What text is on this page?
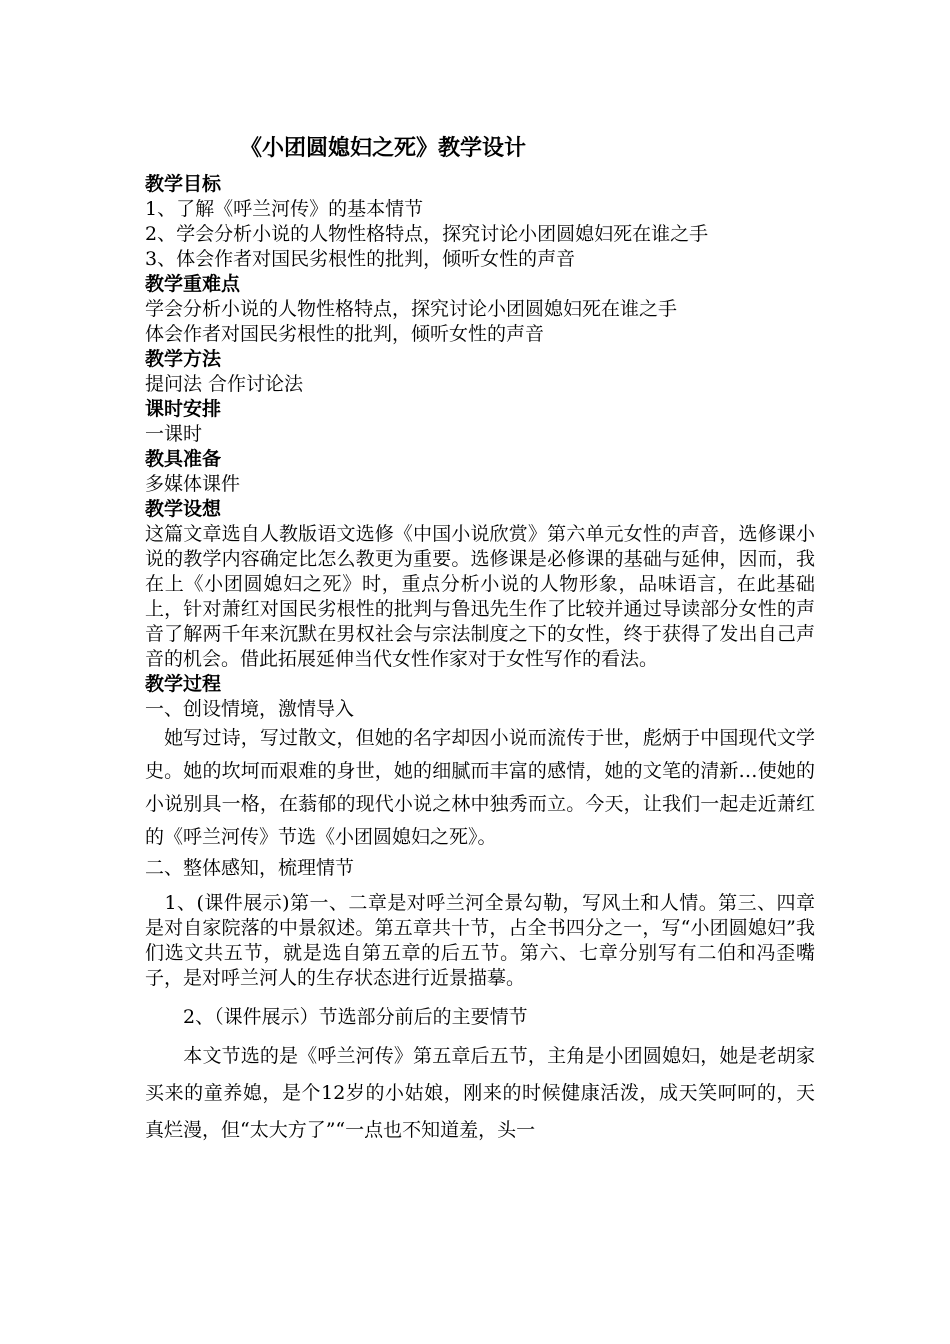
《小团圆媳妇之死》教学设计

教学目标

1、了解《呼兰河传》的基本情节

2、学会分析小说的人物性格特点，探究讨论小团圆媳妇死在谁之手

3、体会作者对国民劣根性的批判，倾听女性的声音

教学重难点

学会分析小说的人物性格特点，探究讨论小团圆媳妇死在谁之手

体会作者对国民劣根性的批判，倾听女性的声音

教学方法

提问法 合作讨论法

课时安排

一课时

教具准备

多媒体课件

教学设想

这篇文章选自人教版语文选修《中国小说欣赏》第六单元女性的声音，选修课小说的教学内容确定比怎么教更为重要。选修课是必修课的基础与延伸，因而，我在上《小团圆媳妇之死》时，重点分析小说的人物形象，品味语言，在此基础上，针对萧红对国民劣根性的批判与鲁迅先生作了比较并通过导读部分女性的声音了解两千年来沉默在男权社会与宗法制度之下的女性，终于获得了发出自己声音的机会。借此拓展延伸当代女性作家对于女性写作的看法。

教学过程

一、创设情境，激情导入

　她写过诗，写过散文，但她的名字却因小说而流传于世，彪炳于中国现代文学史。她的坎坷而艰难的身世，她的细腻而丰富的感情，她的文笔的清新…使她的小说别具一格，在蓊郁的现代小说之林中独秀而立。今天，让我们一起走近萧红的《呼兰河传》节选《小团圆媳妇之死》。

二、整体感知，梳理情节

　1、(课件展示)第一、二章是对呼兰河全景勾勒，写风土和人情。第三、四章是对自家院落的中景叙述。第五章共十节，占全书四分之一，写“小团圆媳妇”我们选文共五节，就是选自第五章的后五节。第六、七章分别写有二伯和冯歪嘴子，是对呼兰河人的生存状态进行近景描摹。

　　2、（课件展示）节选部分前后的主要情节

　　本文节选的是《呼兰河传》第五章后五节，主角是小团圆媳妇，她是老胡家买来的童养媳，是个12岁的小姑娘，刚来的时候健康活泼，成天笑呵呵的，天真烂漫，但“太大方了”“一点也不知道羞，头一
